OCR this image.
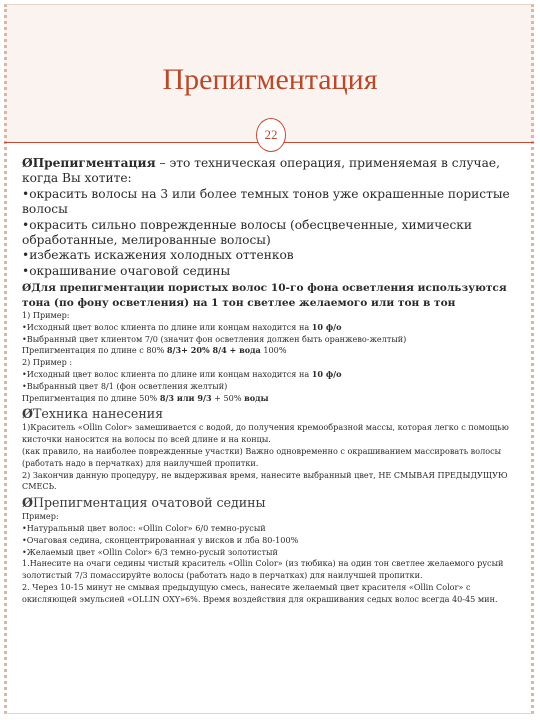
Препигментация
22

ØПрепигментация – это техническая операция, применяемая в случае, когда Вы хотите:

•окрасить волосы на 3 или более темных тонов уже окрашенные пористые волосы

•окрасить сильно поврежденные волосы (обесцвеченные, химически обработанные, мелированные волосы)

•избежать искажения холодных оттенков

•окрашивание очаговой седины

ØДля препигментации пористых волос 10-го фона осветления используются тона (по фону осветления) на 1 тон светлее желаемого или тон в тон

1) Пример:

•Исходный цвет волос клиента по длине или концам находится на 10 ф/о

•Выбранный цвет клиентом 7/0 (значит фон осветления должен быть оранжево-желтый)

Препигментация по длине с 80% 8/3+ 20% 8/4 + вода 100%

2) Пример :

•Исходный цвет волос клиента по длине или концам находится на 10 ф/о

•Выбранный цвет 8/1 (фон осветления желтый)

Препигментация по длине 50% 8/3 или 9/3 + 50% воды

ØТехника нанесения

1)Краситель «Ollin Color» замешивается с водой, до получения кремообразной массы, которая легко с помощью кисточки наносится на волосы по всей длине и на концы.

(как правило, на наиболее поврежденные участки) Важно одновременно с окрашиванием массировать волосы (работать надо в перчатках) для наилучшей пропитки.

2) Закончив данную процедуру, не выдерживая время, нанесите выбранный цвет, НЕ СМЫВАЯ ПРЕДЫДУЩУЮ СМЕСЬ.

ØПрепигментация очатовой седины

Пример:

•Натуральный цвет волос: «Ollin Color» 6/0 темно-русый

•Очаговая седина, сконцентрированная у висков и лба 80-100%

•Желаемый цвет «Ollin Color» 6/3 темно-русый золотистый

1.Нанесите на очаги седины чистый краситель «Ollin Color» (из тюбика) на один тон светлее желаемого русый золотистый 7/3 помассируйте волосы (работать надо в перчатках) для наилучшей пропитки.

2. Через 10-15 минут не смывая предыдущую смесь, нанесите желаемый цвет красителя «Ollin Color» с окисляющей эмульсией «OLLIN OXY»6%. Время воздействия для окрашивания седых волос всегда 40-45 мин.
